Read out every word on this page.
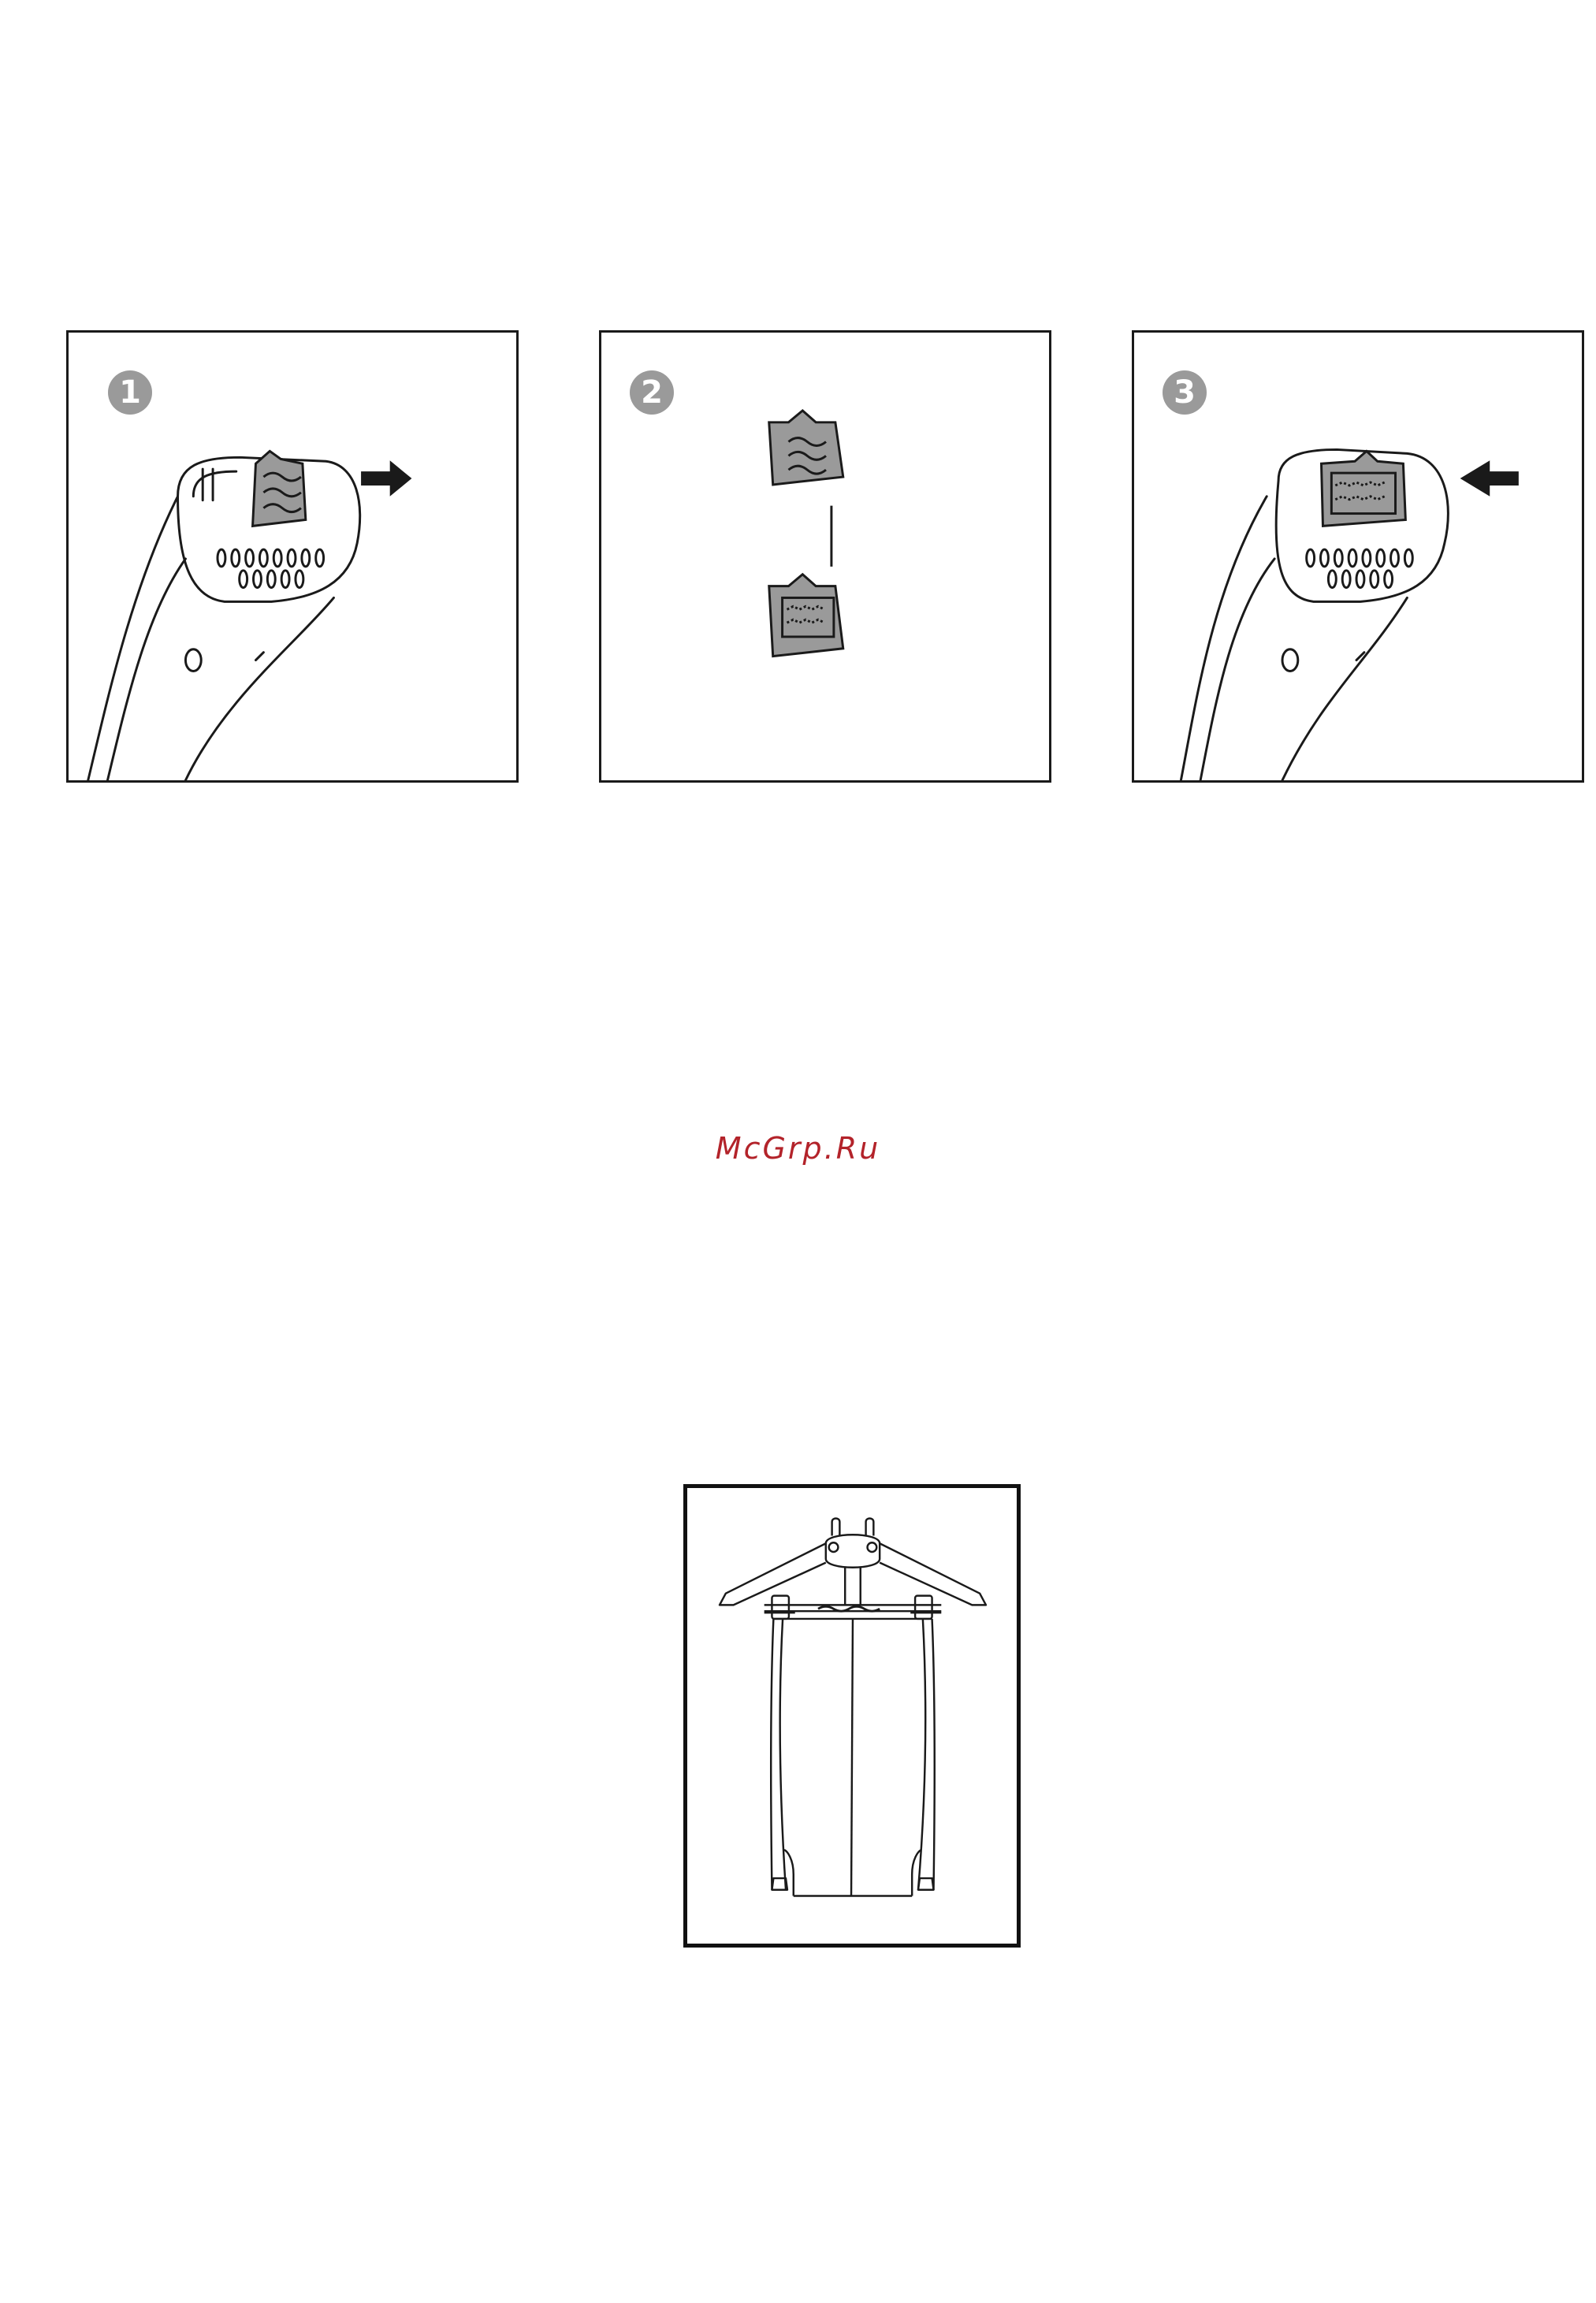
1	2	3
McGrp.Ru
